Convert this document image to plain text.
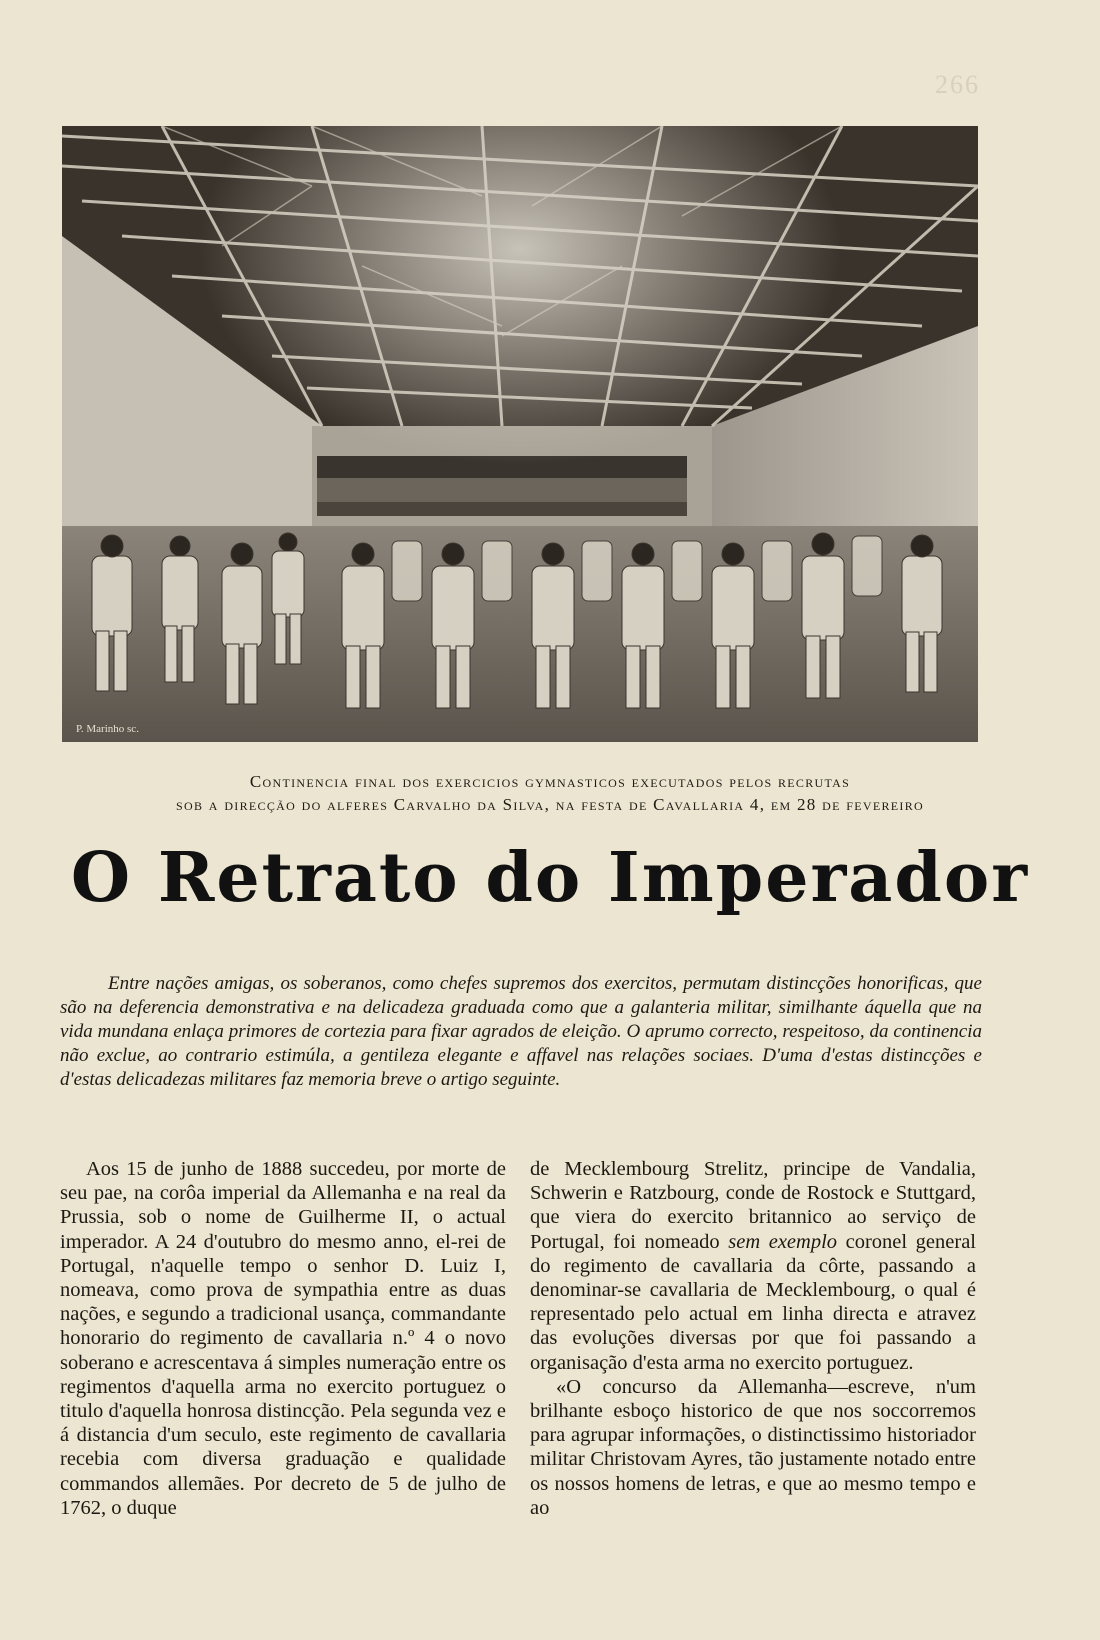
266
P. Marinho sc.
Continencia final dos exercicios gymnasticos executados pelos recrutas
sob a direcção do alferes Carvalho da Silva, na festa de Cavallaria 4, em 28 de fevereiro
O Retrato do Imperador
Entre nações amigas, os soberanos, como chefes supremos dos exercitos, permutam distincções honorificas, que são na deferencia demonstrativa e na delicadeza graduada como que a galanteria militar, similhante áquella que na vida mundana enlaça primores de cortezia para fixar agrados de eleição. O aprumo correcto, respeitoso, da continencia não exclue, ao contrario estimúla, a gentileza elegante e affavel nas relações sociaes. D'uma d'estas distincções e d'estas delicadezas militares faz memoria breve o artigo seguinte.

Aos 15 de junho de 1888 succedeu, por morte de seu pae, na corôa imperial da Allemanha e na real da Prussia, sob o nome de Guilherme II, o actual imperador. A 24 d'outubro do mesmo anno, el-rei de Portugal, n'aquelle tempo o senhor D. Luiz I, nomeava, como prova de sympathia entre as duas nações, e segundo a tradicional usança, commandante honorario do regimento de cavallaria n.º 4 o novo soberano e acrescentava á simples numeração entre os regimentos d'aquella arma no exercito portuguez o titulo d'aquella honrosa distincção. Pela segunda vez e á distancia d'um seculo, este regimento de cavallaria recebia com diversa graduação e qualidade commandos allemães. Por decreto de 5 de julho de 1762, o duque

de Mecklembourg Strelitz, principe de Vandalia, Schwerin e Ratzbourg, conde de Rostock e Stuttgard, que viera do exercito britannico ao serviço de Portugal, foi nomeado sem exemplo coronel general do regimento de cavallaria da côrte, passando a denominar-se cavallaria de Mecklembourg, o qual é representado pelo actual em linha directa e atravez das evoluções diversas por que foi passando a organisação d'esta arma no exercito portuguez.

«O concurso da Allemanha—escreve, n'um brilhante esboço historico de que nos soccorremos para agrupar informações, o distinctissimo historiador militar Christovam Ayres, tão justamente notado entre os nossos homens de letras, e que ao mesmo tempo e ao
